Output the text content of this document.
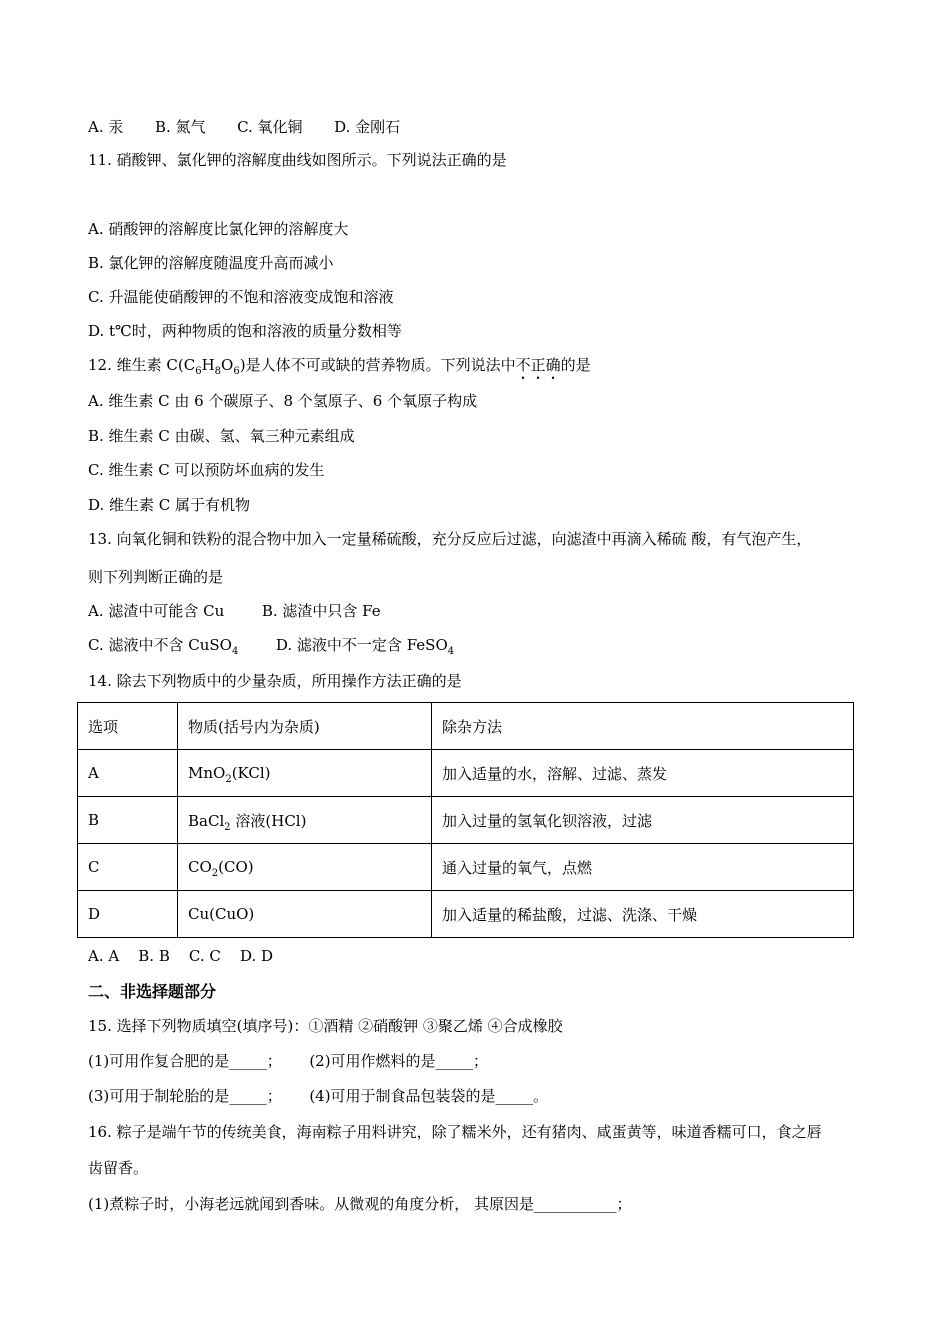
A. 汞 B. 氮气 C. 氧化铜 D. 金刚石
11. 硝酸钾、氯化钾的溶解度曲线如图所示。下列说法正确的是
A. 硝酸钾的溶解度比氯化钾的溶解度大
B. 氯化钾的溶解度随温度升高而减小
C. 升温能使硝酸钾的不饱和溶液变成饱和溶液
D. t℃时，两种物质的饱和溶液的质量分数相等
12. 维生素 $C(C_6H_8O_6)$是人体不可或缺的营养物质。下列说法中不正确的是
A. 维生素 C 由 6 个碳原子、8 个氢原子、6 个氧原子构成
B. 维生素 C 由碳、氢、氧三种元素组成
C. 维生素 C 可以预防坏血病的发生
D. 维生素 C 属于有机物
13. 向氧化铜和铁粉的混合物中加入一定量稀硫酸，充分反应后过滤，向滤渣中再滴入稀硫 酸，有气泡产生，
则下列判断正确的是
A. 滤渣中可能含 Cu	B. 滤渣中只含 Fe
C. 滤液中不含 CuSO$_4$	D. 滤液中不一定含 FeSO$_4$
14. 除去下列物质中的少量杂质，所用操作方法正确的是
选项	物质(括号内为杂质)	除杂方法
A	MnO$_2$(KCl)	加入适量的水，溶解、过滤、蒸发
B	BaCl$_2$ 溶液(HCl)	加入过量的氢氧化钡溶液，过滤
C	$CO_2(CO)$	通入过量的氧气，点燃
D	Cu(CuO)	加入适量的稀盐酸，过滤、洗涤、干燥
A. A    B. B    C. C    D. D
二、非选择题部分
15. 选择下列物质填空(填序号)：①酒精 ②硝酸钾 ③聚乙烯 ④合成橡胶
(1)可用作复合肥的是_____； (2)可用作燃料的是_____；
(3)可用于制轮胎的是_____； (4)可用于制食品包装袋的是_____。
16. 粽子是端午节的传统美食，海南粽子用料讲究，除了糯米外，还有猪肉、咸蛋黄等，味道香糯可口，食之唇
齿留香。
(1)煮粽子时，小海老远就闻到香味。从微观的角度分析， 其原因是___________；
